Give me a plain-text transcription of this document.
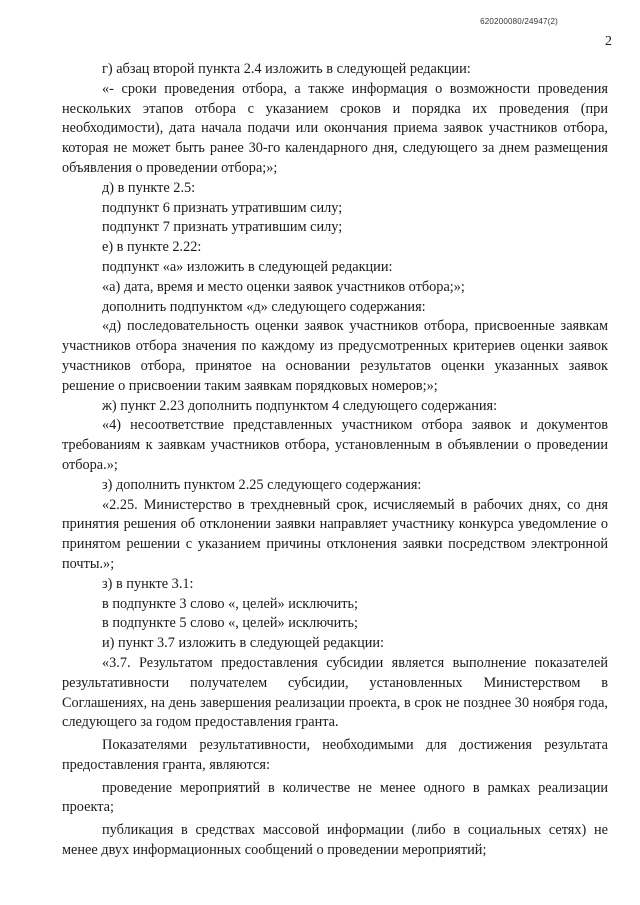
620200080/24947(2)
2

г) абзац второй пункта 2.4 изложить в следующей редакции:

«- сроки проведения отбора, а также информация о возможности проведения нескольких этапов отбора с указанием сроков и порядка их проведения (при необходимости), дата начала подачи или окончания приема заявок участников отбора, которая не может быть ранее 30-го календарного дня, следующего за днем размещения объявления о проведении отбора;»;

д) в пункте 2.5:

подпункт 6 признать утратившим силу;

подпункт 7 признать утратившим силу;

е) в пункте 2.22:

подпункт «а» изложить в следующей редакции:

«а) дата, время и место оценки заявок участников отбора;»;

дополнить подпунктом «д» следующего содержания:

«д) последовательность оценки заявок участников отбора, присвоенные заявкам участников отбора значения по каждому из предусмотренных критериев оценки заявок участников отбора, принятое на основании результатов оценки указанных заявок решение о присвоении таким заявкам порядковых номеров;»;

ж) пункт 2.23 дополнить подпунктом 4 следующего содержания:

«4) несоответствие представленных участником отбора заявок и документов требованиям к заявкам участников отбора, установленным в объявлении о проведении отбора.»;

з) дополнить пунктом 2.25 следующего содержания:

«2.25. Министерство в трехдневный срок, исчисляемый в рабочих днях, со дня принятия решения об отклонении заявки направляет участнику конкурса уведомление о принятом решении с указанием причины отклонения заявки посредством электронной почты.»;

з) в пункте 3.1:

в подпункте 3 слово «, целей» исключить;

в подпункте 5 слово «, целей» исключить;

и) пункт 3.7 изложить в следующей редакции:

«3.7. Результатом предоставления субсидии является выполнение показателей результативности получателем субсидии, установленных Министерством в Соглашениях, на день завершения реализации проекта, в срок не позднее 30 ноября года, следующего за годом предоставления гранта.

Показателями результативности, необходимыми для достижения результата предоставления гранта, являются:

проведение мероприятий в количестве не менее одного в рамках реализации проекта;

публикация в средствах массовой информации (либо в социальных сетях) не менее двух информационных сообщений о проведении мероприятий;
